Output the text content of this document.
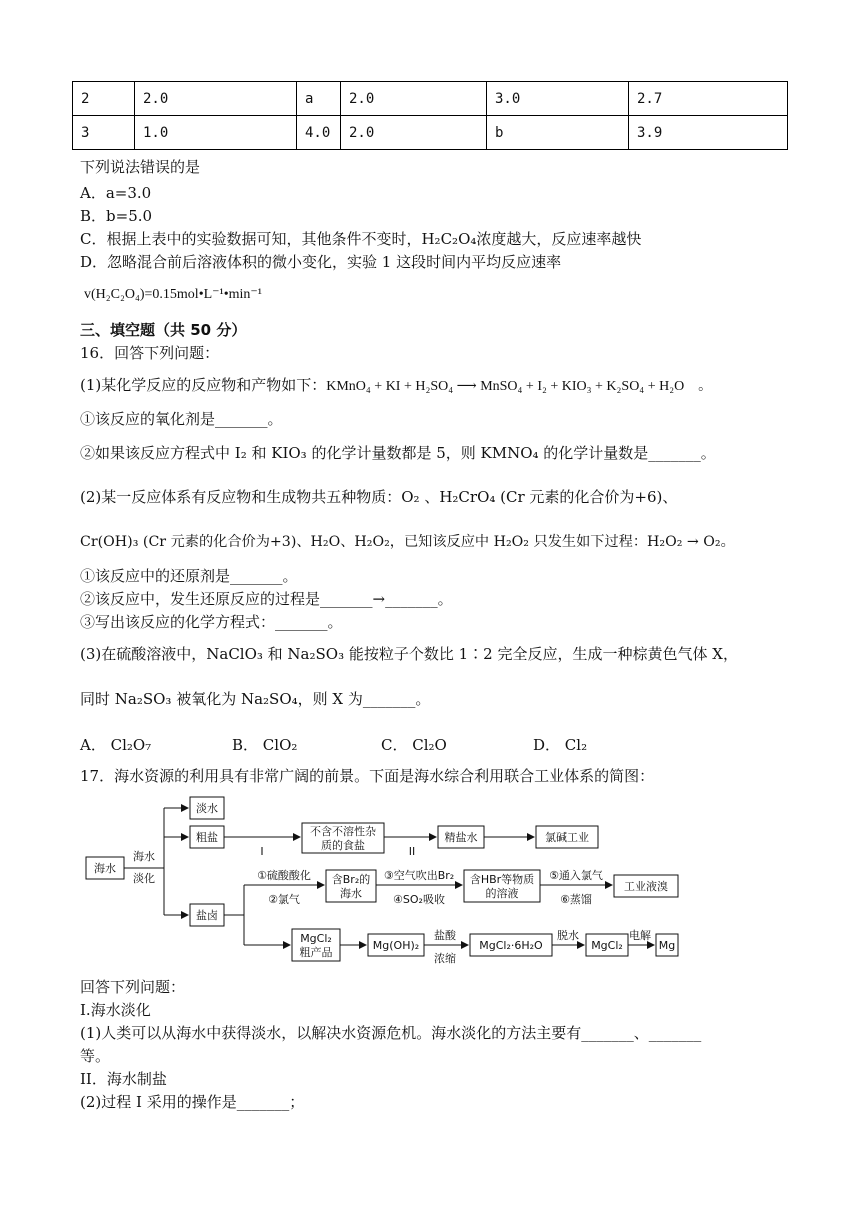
2	2.0	a	2.0	3.0	2.7
3	1.0	4.0	2.0	b	3.9
下列说法错误的是
A．a=3.0
B．b=5.0
C．根据上表中的实验数据可知，其他条件不变时，H₂C₂O₄浓度越大，反应速率越快
D．忽略混合前后溶液体积的微小变化，实验 1 这段时间内平均反应速率
v(H₂C₂O₄)=0.15mol•L⁻¹•min⁻¹
三、填空题（共 50 分）
16．回答下列问题：
(1)某化学反应的反应物和产物如下：KMnO₄ + KI + H₂SO₄ ⟶ MnSO₄ + I₂ + KIO₃ + K₂SO₄ + H₂O　。
①该反应的氧化剂是_______。
②如果该反应方程式中 I₂ 和 KIO₃ 的化学计量数都是 5，则 KMNO₄ 的化学计量数是_______。
(2)某一反应体系有反应物和生成物共五种物质：O₂ 、H₂CrO₄ (Cr 元素的化合价为+6)、
Cr(OH)₃ (Cr 元素的化合价为+3)、H₂O、H₂O₂，已知该反应中 H₂O₂ 只发生如下过程：H₂O₂ → O₂。
①该反应中的还原剂是_______。
②该反应中，发生还原反应的过程是_______→_______。
③写出该反应的化学方程式：_______。
(3)在硫酸溶液中，NaClO₃ 和 Na₂SO₃ 能按粒子个数比 1∶2 完全反应，生成一种棕黄色气体 X，
同时 Na₂SO₃ 被氧化为 Na₂SO₄，则 X 为_______。
A． Cl₂O₇	B． ClO₂	C． Cl₂O	D． Cl₂
17．海水资源的利用具有非常广阔的前景。下面是海水综合利用联合工业体系的简图：
海水
海水
淡化
淡水
粗盐
I
不含不溶性杂
质的食盐	II
精盐水	氯碱工业
盐卤
①硫酸酸化
②氯气
含Br₂的
海水
③空气吹出Br₂
④SO₂吸收
含HBr等物质
的溶液
⑤通入氯气
⑥蒸馏
工业液溴
MgCl₂
粗产品
Mg(OH)₂
盐酸
浓缩
MgCl₂·6H₂O
脱水
MgCl₂
电解
Mg
回答下列问题：
I.海水淡化
(1)人类可以从海水中获得淡水，以解决水资源危机。海水淡化的方法主要有_______、_______
等。
II．海水制盐
(2)过程 I 采用的操作是_______；
